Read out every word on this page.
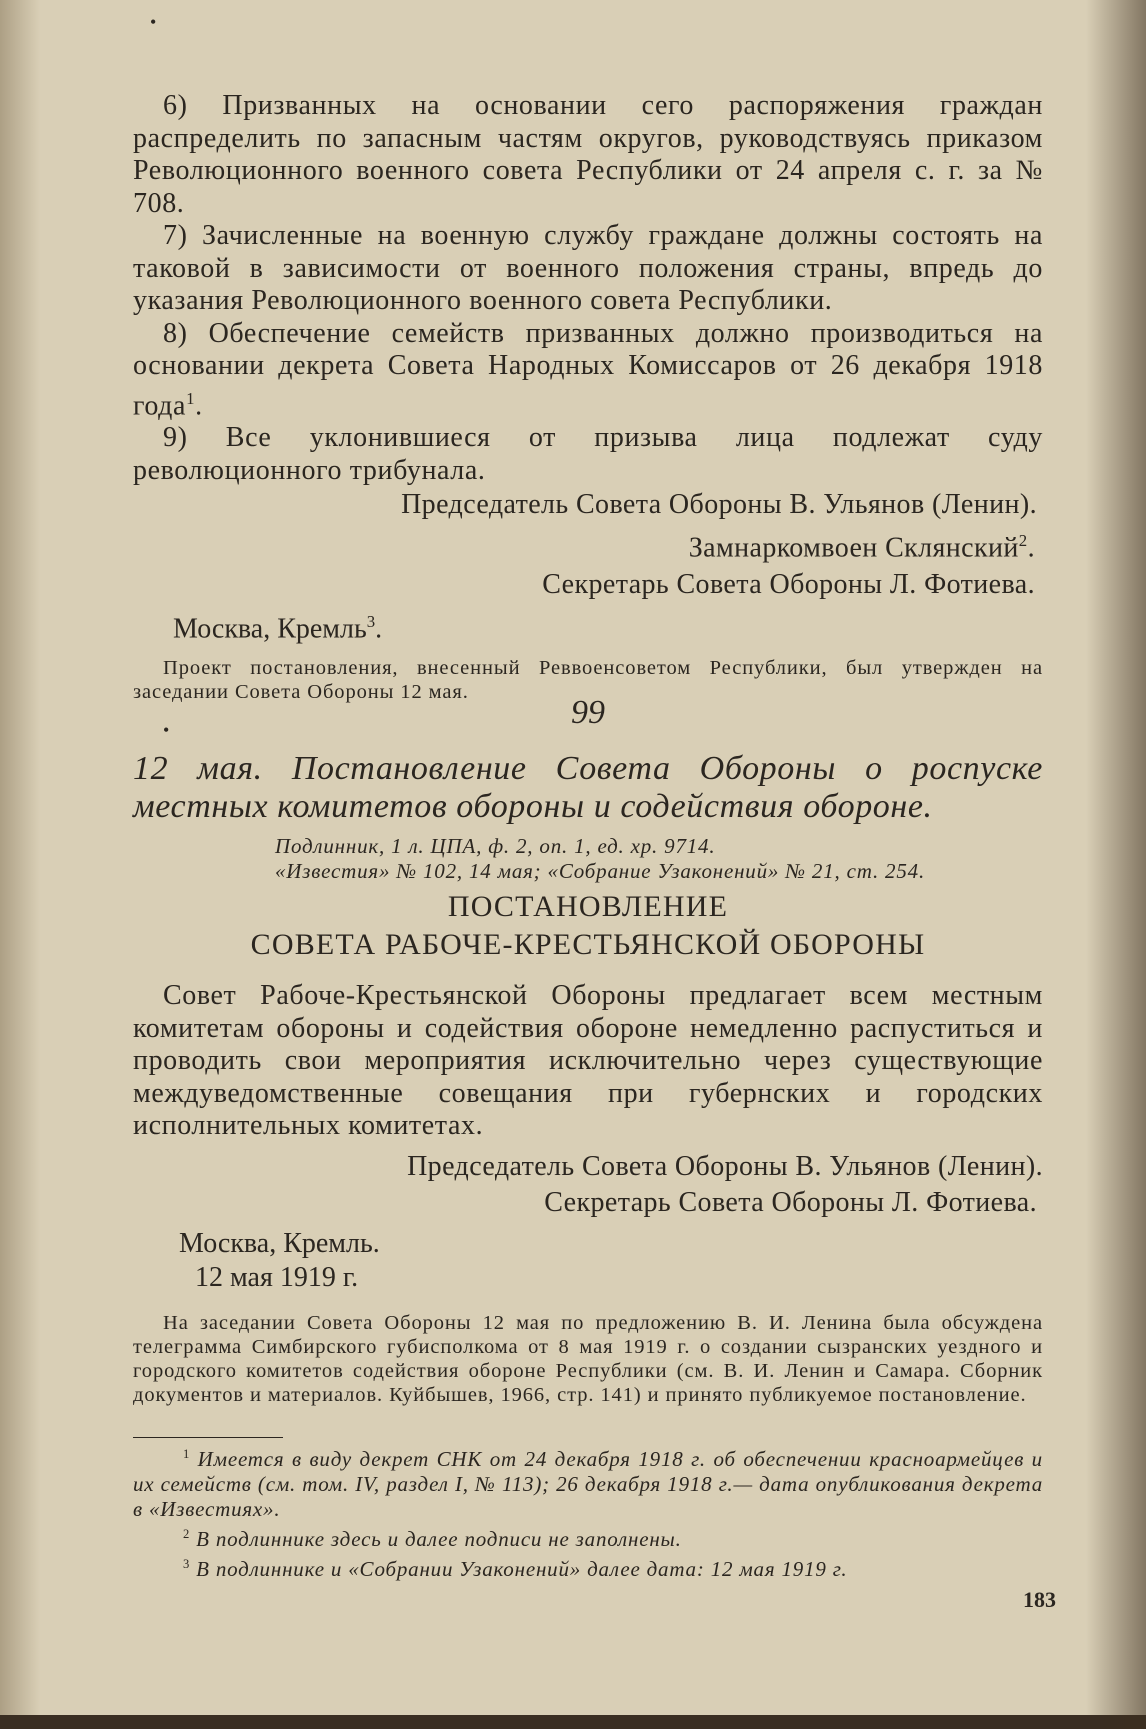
•

6) Призванных на основании сего распоряжения граждан распределить по запасным частям округов, руководствуясь приказом Революционного военного совета Республики от 24 апреля с. г. за № 708.

7) Зачисленные на военную службу граждане должны состоять на таковой в зависимости от военного положения страны, впредь до указания Революционного военного совета Республики.

8) Обеспечение семейств призванных должно производиться на основании декрета Совета Народных Комиссаров от 26 декабря 1918 года$^1$.

9) Все уклонившиеся от призыва лица подлежат суду революционного трибунала.

Председатель Совета Обороны В. Ульянов (Ленин).

Замнаркомвоен Склянский$^2$.

Секретарь Совета Обороны Л. Фотиева.

Москва, Кремль$^3$.

Проект постановления, внесенный Реввоенсоветом Республики, был утвержден на заседании Совета Обороны 12 мая.

•	99

12 мая. Постановление Совета Обороны о роспуске местных комитетов обороны и содействия обороне.

Подлинник, 1 л. ЦПА, ф. 2, оп. 1, ед. хр. 9714.

«Известия» № 102, 14 мая; «Собрание Узаконений» № 21, ст. 254.

ПОСТАНОВЛЕНИЕ

СОВЕТА РАБОЧЕ-КРЕСТЬЯНСКОЙ ОБОРОНЫ

Совет Рабоче-Крестьянской Обороны предлагает всем местным комитетам обороны и содействия обороне немедленно распуститься и проводить свои мероприятия исключительно через существующие междуведомственные совещания при губернских и городских исполнительных комитетах.

Председатель Совета Обороны В. Ульянов (Ленин).

Секретарь Совета Обороны Л. Фотиева.

Москва, Кремль.

12 мая 1919 г.

На заседании Совета Обороны 12 мая по предложению В. И. Ленина была обсуждена телеграмма Симбирского губисполкома от 8 мая 1919 г. о создании сызранских уездного и городского комитетов содействия обороне Республики (см. В. И. Ленин и Самара. Сборник документов и материалов. Куйбышев, 1966, стр. 141) и принято публикуемое постановление.

$^1$ Имеется в виду декрет СНК от 24 декабря 1918 г. об обеспечении красноармейцев и их семейств (см. том. IV, раздел I, № 113); 26 декабря 1918 г.— дата опубликования декрета в «Известиях».

$^2$ В подлиннике здесь и далее подписи не заполнены.

$^3$ В подлиннике и «Собрании Узаконений» далее дата: 12 мая 1919 г.

183
